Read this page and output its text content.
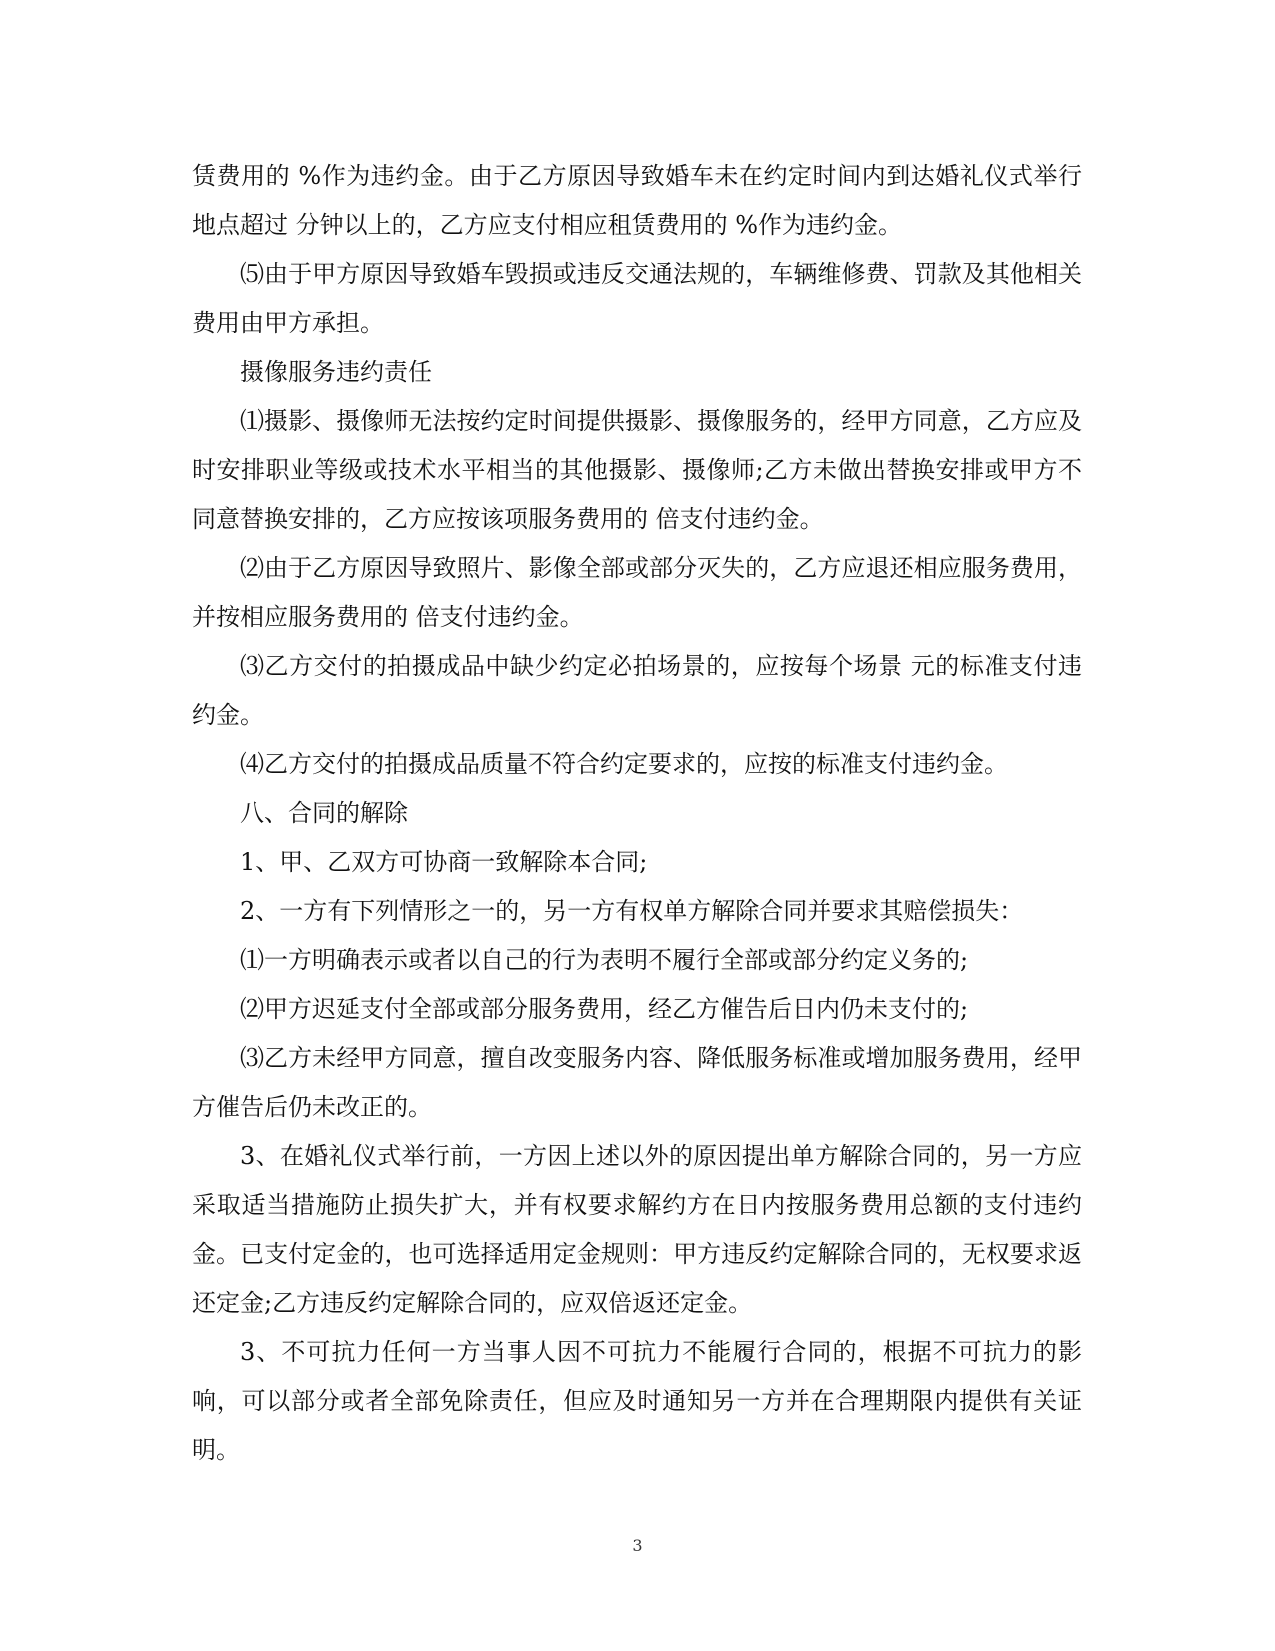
赁费用的 %作为违约金。由于乙方原因导致婚车未在约定时间内到达婚礼仪式举行地点超过 分钟以上的，乙方应支付相应租赁费用的 %作为违约金。

⑸由于甲方原因导致婚车毁损或违反交通法规的，车辆维修费、罚款及其他相关费用由甲方承担。

摄像服务违约责任

⑴摄影、摄像师无法按约定时间提供摄影、摄像服务的，经甲方同意，乙方应及时安排职业等级或技术水平相当的其他摄影、摄像师;乙方未做出替换安排或甲方不同意替换安排的，乙方应按该项服务费用的 倍支付违约金。

⑵由于乙方原因导致照片、影像全部或部分灭失的，乙方应退还相应服务费用，并按相应服务费用的 倍支付违约金。

⑶乙方交付的拍摄成品中缺少约定必拍场景的，应按每个场景 元的标准支付违约金。

⑷乙方交付的拍摄成品质量不符合约定要求的，应按的标准支付违约金。

八、合同的解除

1、甲、乙双方可协商一致解除本合同;

2、一方有下列情形之一的，另一方有权单方解除合同并要求其赔偿损失：

⑴一方明确表示或者以自己的行为表明不履行全部或部分约定义务的;

⑵甲方迟延支付全部或部分服务费用，经乙方催告后日内仍未支付的;

⑶乙方未经甲方同意，擅自改变服务内容、降低服务标准或增加服务费用，经甲方催告后仍未改正的。

3、在婚礼仪式举行前，一方因上述以外的原因提出单方解除合同的，另一方应采取适当措施防止损失扩大，并有权要求解约方在日内按服务费用总额的支付违约金。已支付定金的，也可选择适用定金规则：甲方违反约定解除合同的，无权要求返还定金;乙方违反约定解除合同的，应双倍返还定金。

3、不可抗力任何一方当事人因不可抗力不能履行合同的，根据不可抗力的影响，可以部分或者全部免除责任，但应及时通知另一方并在合理期限内提供有关证明。

3
